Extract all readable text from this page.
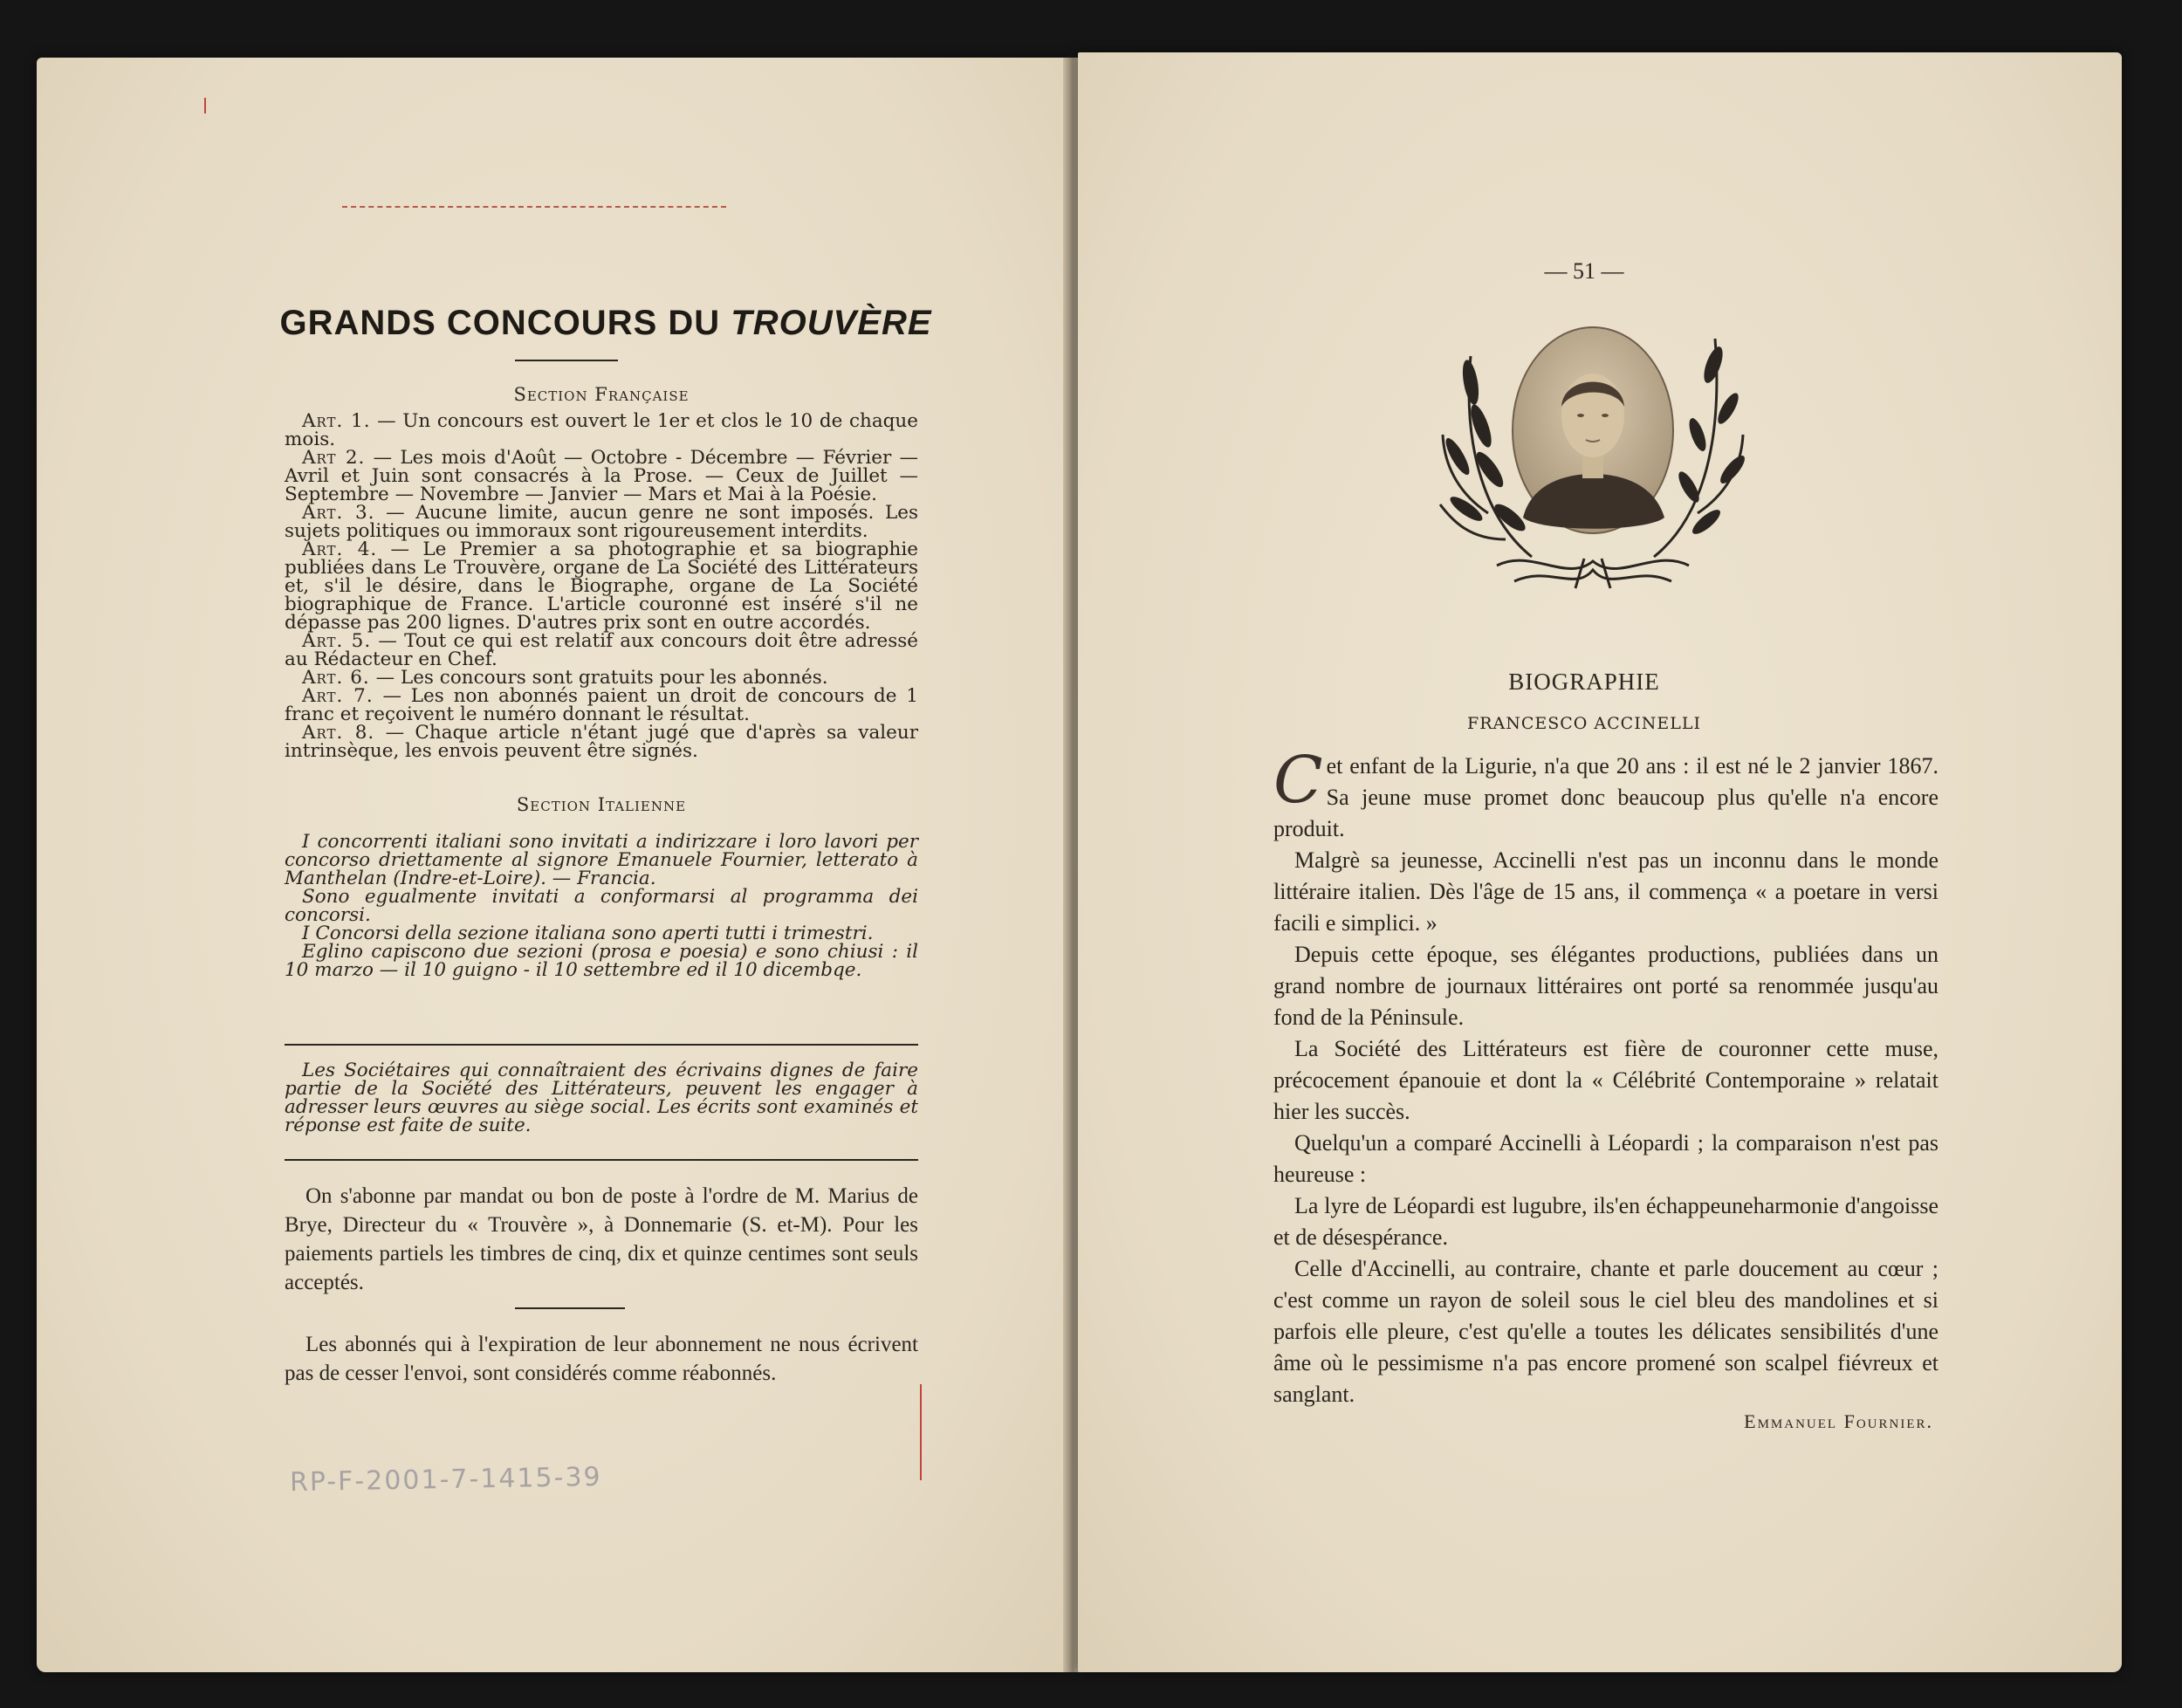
GRANDS CONCOURS DU TROUVÈRE
Section Française

Art. 1. — Un concours est ouvert le 1er et clos le 10 de chaque mois.

Art 2. — Les mois d'Août — Octobre - Décembre — Février — Avril et Juin sont consacrés à la Prose. — Ceux de Juillet — Septembre — Novembre — Janvier — Mars et Mai à la Poésie.

Art. 3. — Aucune limite, aucun genre ne sont imposés. Les sujets politiques ou immoraux sont rigoureusement interdits.

Art. 4. — Le Premier a sa photographie et sa biographie publiées dans Le Trouvère, organe de La Société des Littérateurs et, s'il le désire, dans le Biographe, organe de La Société biographique de France. L'article couronné est inséré s'il ne dépasse pas 200 lignes. D'autres prix sont en outre accordés.

Art. 5. — Tout ce qui est relatif aux concours doit être adressé au Rédacteur en Chef.

Art. 6. — Les concours sont gratuits pour les abonnés.

Art. 7. — Les non abonnés paient un droit de concours de 1 franc et reçoivent le numéro donnant le résultat.

Art. 8. — Chaque article n'étant jugé que d'après sa valeur intrinsèque, les envois peuvent être signés.

Section Italienne

I concorrenti italiani sono invitati a indirizzare i loro lavori per concorso driettamente al signore Emanuele Fournier, letterato à Manthelan (Indre-et-Loire). — Francia.

Sono egualmente invitati a conformarsi al programma dei concorsi.

I Concorsi della sezione italiana sono aperti tutti i trimestri.

Eglino capiscono due sezioni (prosa e poesia) e sono chiusi : il 10 marzo — il 10 guigno - il 10 settembre ed il 10 dicembqe.

Les Sociétaires qui connaîtraient des écrivains dignes de faire partie de la Société des Littérateurs, peuvent les engager à adresser leurs œuvres au siège social. Les écrits sont examinés et réponse est faite de suite.

On s'abonne par mandat ou bon de poste à l'ordre de M. Marius de Brye, Directeur du « Trouvère », à Donnemarie (S. et-M). Pour les paiements partiels les timbres de cinq, dix et quinze centimes sont seuls acceptés.

Les abonnés qui à l'expiration de leur abonnement ne nous écrivent pas de cesser l'envoi, sont considérés comme réabonnés.

RP-F-2001-7-1415-39
— 51 —
BIOGRAPHIE
FRANCESCO ACCINELLI

Cet enfant de la Ligurie, n'a que 20 ans : il est né le 2 janvier 1867. Sa jeune muse promet donc beaucoup plus qu'elle n'a encore produit.

Malgrè sa jeunesse, Accinelli n'est pas un inconnu dans le monde littéraire italien. Dès l'âge de 15 ans, il commença « a poetare in versi facili e simplici. »

Depuis cette époque, ses élégantes productions, publiées dans un grand nombre de journaux littéraires ont porté sa renommée jusqu'au fond de la Péninsule.

La Société des Littérateurs est fière de couronner cette muse, précocement épanouie et dont la « Célébrité Contemporaine » relatait hier les succès.

Quelqu'un a comparé Accinelli à Léopardi ; la comparaison n'est pas heureuse :

La lyre de Léopardi est lugubre, ils'en échappeuneharmonie d'angoisse et de désespérance.

Celle d'Accinelli, au contraire, chante et parle doucement au cœur ; c'est comme un rayon de soleil sous le ciel bleu des mandolines et si parfois elle pleure, c'est qu'elle a toutes les délicates sensibilités d'une âme où le pessimisme n'a pas encore promené son scalpel fiévreux et sanglant.

Emmanuel Fournier.
